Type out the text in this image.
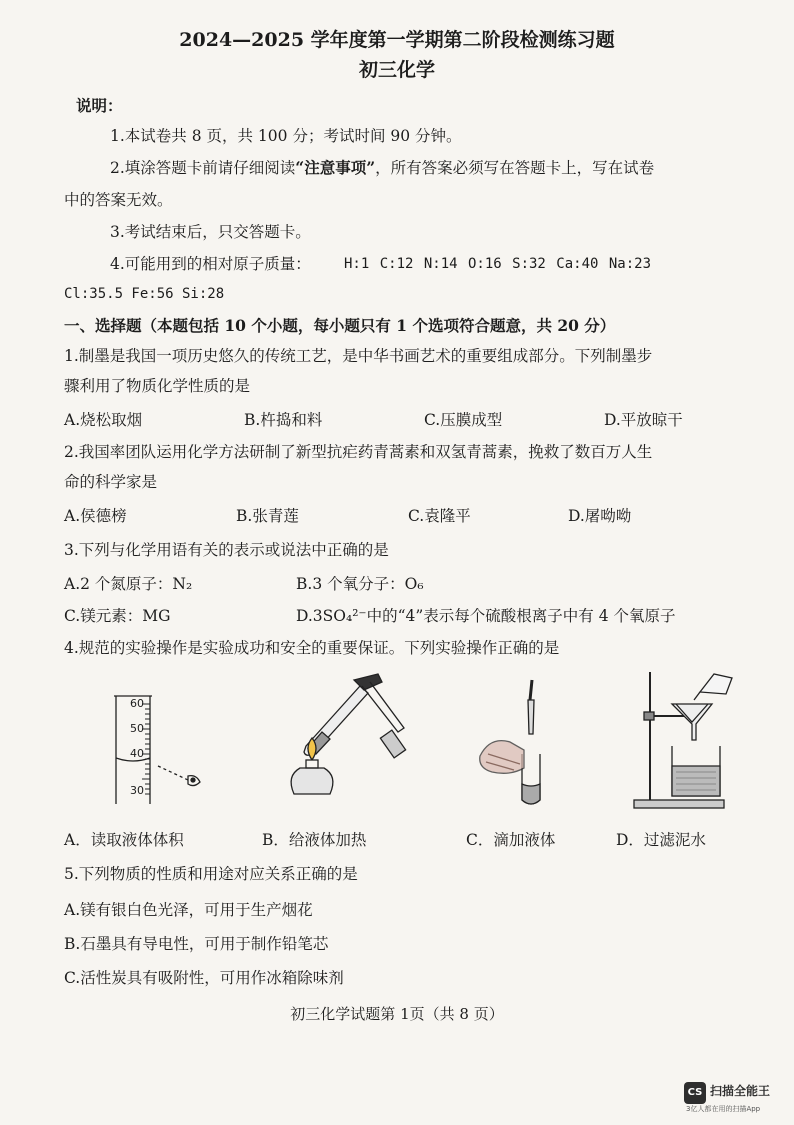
2024—2025 学年度第一学期第二阶段检测练习题
初三化学
说明：
1.本试卷共 8 页，共 100 分；考试时间 90 分钟。
2.填涂答题卡前请仔细阅读“注意事项”，所有答案必须写在答题卡上，写在试卷
中的答案无效。
3.考试结束后，只交答题卡。
4.可能用到的相对原子质量： H:1 C:12 N:14 O:16 S:32 Ca:40 Na:23
Cl:35.5 Fe:56 Si:28
一、选择题（本题包括 10 个小题，每小题只有 1 个选项符合题意，共 20 分）
1.制墨是我国一项历史悠久的传统工艺，是中华书画艺术的重要组成部分。下列制墨步
骤利用了物质化学性质的是
A.烧松取烟	B.杵捣和料	C.压膜成型	D.平放晾干
2.我国率团队运用化学方法研制了新型抗疟药青蒿素和双氢青蒿素，挽救了数百万人生
命的科学家是
A.侯德榜	B.张青莲	C.袁隆平	D.屠呦呦
3.下列与化学用语有关的表示或说法中正确的是
A.2 个氮原子：N₂	B.3 个氧分子：O₆
C.镁元素：MG	D.3SO₄²⁻中的“4”表示每个硫酸根离子中有 4 个氧原子
4.规范的实验操作是实验成功和安全的重要保证。下列实验操作正确的是
60
50
40
30
A．读取液体体积	B．给液体加热	C．滴加液体	D．过滤泥水
5.下列物质的性质和用途对应关系正确的是
A.镁有银白色光泽，可用于生产烟花
B.石墨具有导电性，可用于制作铅笔芯
C.活性炭具有吸附性，可用作冰箱除味剂
初三化学试题第 1页（共 8 页）
CS 扫描全能王
3亿人都在用的扫描App
